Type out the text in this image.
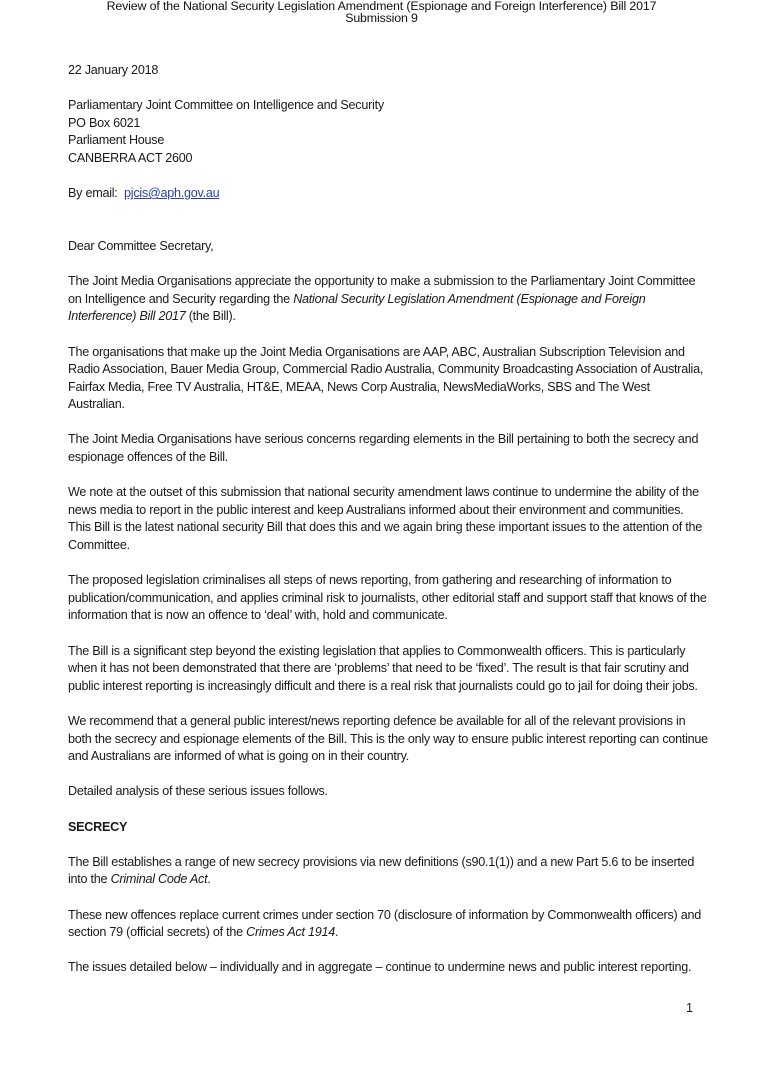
Review of the National Security Legislation Amendment (Espionage and Foreign Interference) Bill 2017
Submission 9

22 January 2018

Parliamentary Joint Committee on Intelligence and Security
PO Box 6021
Parliament House
CANBERRA ACT 2600

By email:  pjcis@aph.gov.au

Dear Committee Secretary,

The Joint Media Organisations appreciate the opportunity to make a submission to the Parliamentary Joint Committee on Intelligence and Security regarding the National Security Legislation Amendment (Espionage and Foreign Interference) Bill 2017 (the Bill).

The organisations that make up the Joint Media Organisations are AAP, ABC, Australian Subscription Television and Radio Association, Bauer Media Group, Commercial Radio Australia, Community Broadcasting Association of Australia, Fairfax Media, Free TV Australia, HT&E, MEAA, News Corp Australia, NewsMediaWorks, SBS and The West Australian.

The Joint Media Organisations have serious concerns regarding elements in the Bill pertaining to both the secrecy and espionage offences of the Bill.

We note at the outset of this submission that national security amendment laws continue to undermine the ability of the news media to report in the public interest and keep Australians informed about their environment and communities. This Bill is the latest national security Bill that does this and we again bring these important issues to the attention of the Committee.

The proposed legislation criminalises all steps of news reporting, from gathering and researching of information to publication/communication, and applies criminal risk to journalists, other editorial staff and support staff that knows of the information that is now an offence to ‘deal’ with, hold and communicate.

The Bill is a significant step beyond the existing legislation that applies to Commonwealth officers. This is particularly when it has not been demonstrated that there are ‘problems’ that need to be ‘fixed’. The result is that fair scrutiny and public interest reporting is increasingly difficult and there is a real risk that journalists could go to jail for doing their jobs.

We recommend that a general public interest/news reporting defence be available for all of the relevant provisions in both the secrecy and espionage elements of the Bill. This is the only way to ensure public interest reporting can continue and Australians are informed of what is going on in their country.

Detailed analysis of these serious issues follows.

SECRECY

The Bill establishes a range of new secrecy provisions via new definitions (s90.1(1)) and a new Part 5.6 to be inserted into the Criminal Code Act.

These new offences replace current crimes under section 70 (disclosure of information by Commonwealth officers) and section 79 (official secrets) of the Crimes Act 1914.

The issues detailed below – individually and in aggregate – continue to undermine news and public interest reporting.

1
